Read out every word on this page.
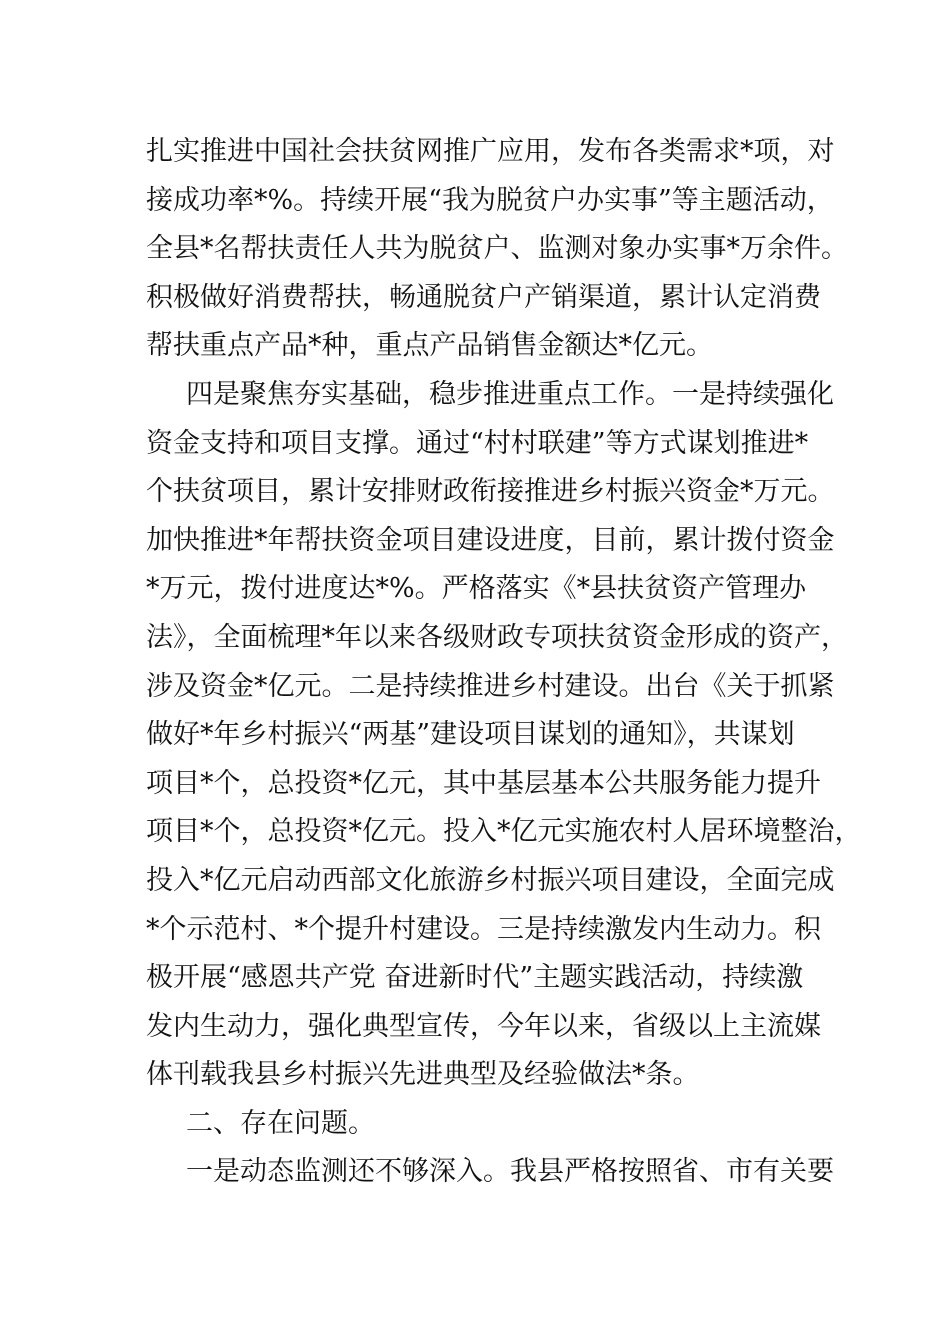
扎实推进中国社会扶贫网推广应用，发布各类需求*项，对
接成功率*%。持续开展“我为脱贫户办实事”等主题活动，
全县*名帮扶责任人共为脱贫户、监测对象办实事*万余件。
积极做好消费帮扶，畅通脱贫户产销渠道，累计认定消费
帮扶重点产品*种，重点产品销售金额达*亿元。
四是聚焦夯实基础，稳步推进重点工作。一是持续强化
资金支持和项目支撑。通过“村村联建”等方式谋划推进*
个扶贫项目，累计安排财政衔接推进乡村振兴资金*万元。
加快推进*年帮扶资金项目建设进度，目前，累计拨付资金
*万元，拨付进度达*%。严格落实《*县扶贫资产管理办
法》，全面梳理*年以来各级财政专项扶贫资金形成的资产，
涉及资金*亿元。二是持续推进乡村建设。出台《关于抓紧
做好*年乡村振兴“两基”建设项目谋划的通知》，共谋划
项目*个，总投资*亿元，其中基层基本公共服务能力提升
项目*个，总投资*亿元。投入*亿元实施农村人居环境整治，
投入*亿元启动西部文化旅游乡村振兴项目建设，全面完成
*个示范村、*个提升村建设。三是持续激发内生动力。积
极开展“感恩共产党 奋进新时代”主题实践活动，持续激
发内生动力，强化典型宣传，今年以来，省级以上主流媒
体刊载我县乡村振兴先进典型及经验做法*条。
二、存在问题。
一是动态监测还不够深入。我县严格按照省、市有关要
